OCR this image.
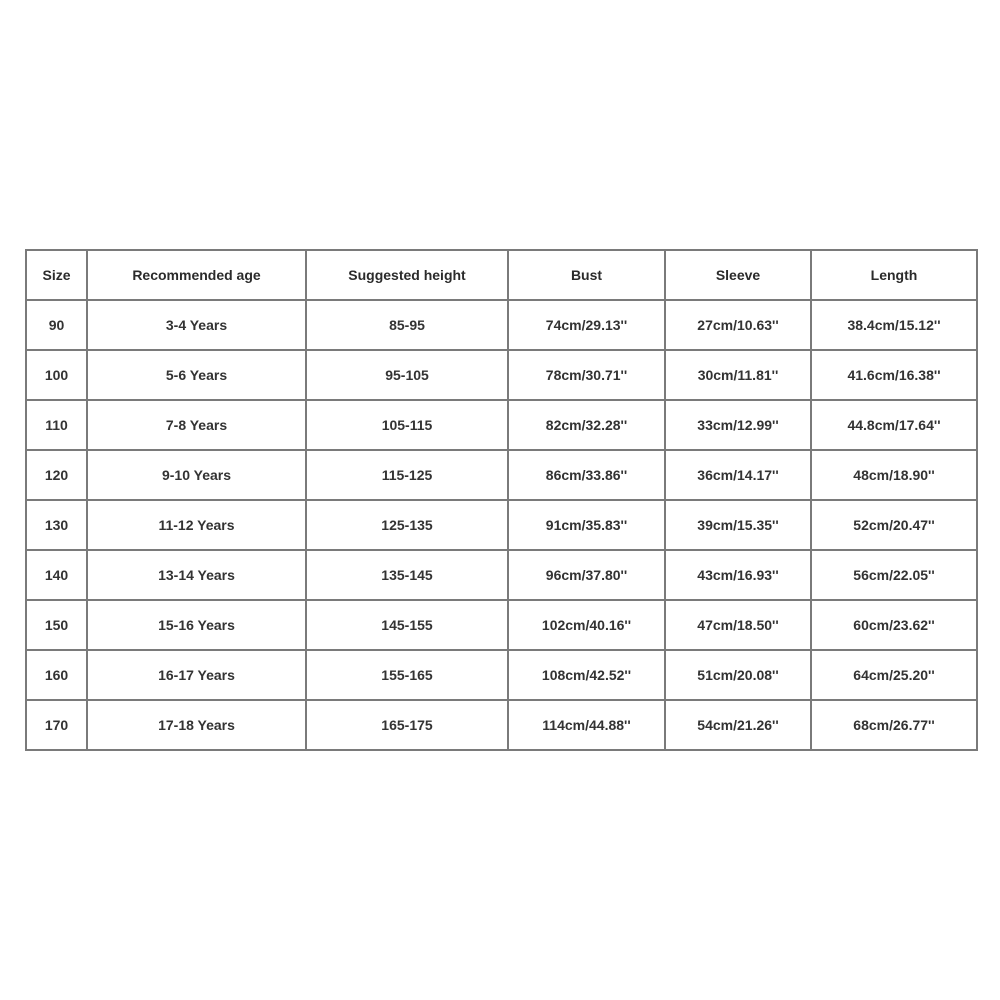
Size	Recommended age	Suggested height	Bust	Sleeve	Length
90	3-4 Years	85-95	74cm/29.13''	27cm/10.63''	38.4cm/15.12''
100	5-6 Years	95-105	78cm/30.71''	30cm/11.81''	41.6cm/16.38''
110	7-8 Years	105-115	82cm/32.28''	33cm/12.99''	44.8cm/17.64''
120	9-10 Years	115-125	86cm/33.86''	36cm/14.17''	48cm/18.90''
130	11-12 Years	125-135	91cm/35.83''	39cm/15.35''	52cm/20.47''
140	13-14 Years	135-145	96cm/37.80''	43cm/16.93''	56cm/22.05''
150	15-16 Years	145-155	102cm/40.16''	47cm/18.50''	60cm/23.62''
160	16-17 Years	155-165	108cm/42.52''	51cm/20.08''	64cm/25.20''
170	17-18 Years	165-175	114cm/44.88''	54cm/21.26''	68cm/26.77''
